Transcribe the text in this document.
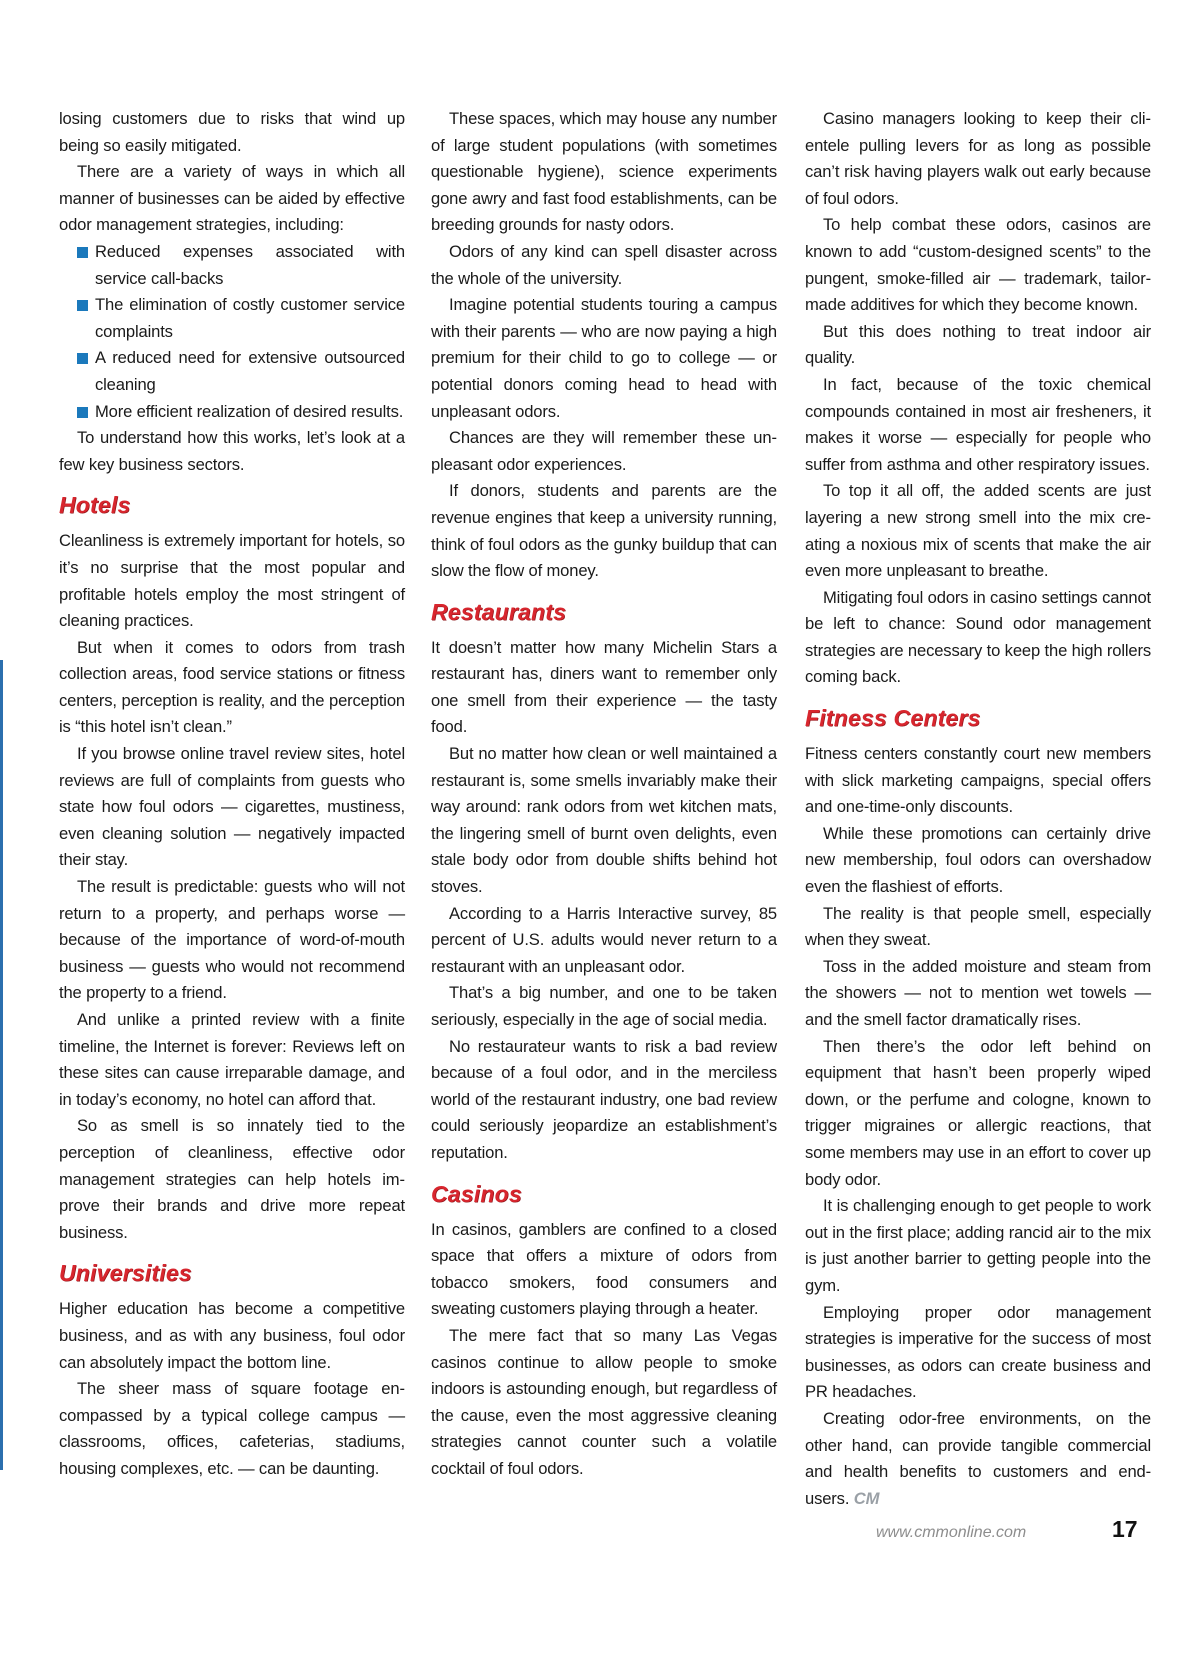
losing customers due to risks that wind up being so easily mitigated.

There are a variety of ways in which all manner of businesses can be aided by effective odor management strategies, including:

Reduced expenses associated with service call-backs
The elimination of costly customer service complaints
A reduced need for extensive outsourced cleaning
More efficient realization of desired results.

To understand how this works, let’s look at a few key business sectors.

Hotels

Cleanliness is extremely important for hotels, so it’s no surprise that the most popular and profitable hotels employ the most stringent of cleaning practices.

But when it comes to odors from trash collection areas, food service stations or fitness centers, perception is reality, and the perception is “this hotel isn’t clean.”

If you browse online travel review sites, hotel reviews are full of complaints from guests who state how foul odors — cigarettes, mustiness, even cleaning solution — negatively impacted their stay.

The result is predictable: guests who will not return to a property, and perhaps worse — because of the importance of word-of-mouth business — guests who would not recommend the property to a friend.

And unlike a printed review with a finite timeline, the Internet is forever: Reviews left on these sites can cause irreparable damage, and in today’s economy, no hotel can afford that.

So as smell is so innately tied to the perception of cleanliness, effective odor management strategies can help hotels improve their brands and drive more repeat business.

Universities

Higher education has become a competitive business, and as with any business, foul odor can absolutely impact the bottom line.

The sheer mass of square footage encompassed by a typical college campus — classrooms, offices, cafeterias, stadiums, housing complexes, etc. — can be daunting.

These spaces, which may house any number of large student populations (with sometimes questionable hygiene), science experiments gone awry and fast food establishments, can be breeding grounds for nasty odors.

Odors of any kind can spell disaster across the whole of the university.

Imagine potential students touring a campus with their parents — who are now paying a high premium for their child to go to college — or potential donors coming head to head with unpleasant odors.

Chances are they will remember these unpleasant odor experiences.

If donors, students and parents are the revenue engines that keep a university running, think of foul odors as the gunky buildup that can slow the flow of money.

Restaurants

It doesn’t matter how many Michelin Stars a restaurant has, diners want to remember only one smell from their experience — the tasty food.

But no matter how clean or well maintained a restaurant is, some smells invariably make their way around: rank odors from wet kitchen mats, the lingering smell of burnt oven delights, even stale body odor from double shifts behind hot stoves.

According to a Harris Interactive survey, 85 percent of U.S. adults would never return to a restaurant with an unpleasant odor.

That’s a big number, and one to be taken seriously, especially in the age of social media.

No restaurateur wants to risk a bad review because of a foul odor, and in the merciless world of the restaurant industry, one bad review could seriously jeopardize an establishment’s reputation.

Casinos

In casinos, gamblers are confined to a closed space that offers a mixture of odors from tobacco smokers, food consumers and sweating customers playing through a heater.

The mere fact that so many Las Vegas casinos continue to allow people to smoke indoors is astounding enough, but regardless of the cause, even the most aggressive cleaning strategies cannot counter such a volatile cocktail of foul odors.

Casino managers looking to keep their clientele pulling levers for as long as possible can’t risk having players walk out early because of foul odors.

To help combat these odors, casinos are known to add “custom-designed scents” to the pungent, smoke-filled air — trademark, tailor-made additives for which they become known.

But this does nothing to treat indoor air quality.

In fact, because of the toxic chemical compounds contained in most air fresheners, it makes it worse — especially for people who suffer from asthma and other respiratory issues.

To top it all off, the added scents are just layering a new strong smell into the mix creating a noxious mix of scents that make the air even more unpleasant to breathe.

Mitigating foul odors in casino settings cannot be left to chance: Sound odor management strategies are necessary to keep the high rollers coming back.

Fitness Centers

Fitness centers constantly court new members with slick marketing campaigns, special offers and one-time-only discounts.

While these promotions can certainly drive new membership, foul odors can overshadow even the flashiest of efforts.

The reality is that people smell, especially when they sweat.

Toss in the added moisture and steam from the showers — not to mention wet towels — and the smell factor dramatically rises.

Then there’s the odor left behind on equipment that hasn’t been properly wiped down, or the perfume and cologne, known to trigger migraines or allergic reactions, that some members may use in an effort to cover up body odor.

It is challenging enough to get people to work out in the first place; adding rancid air to the mix is just another barrier to getting people into the gym.

Employing proper odor management strategies is imperative for the success of most businesses, as odors can create business and PR headaches.

Creating odor-free environments, on the other hand, can provide tangible commercial and health benefits to customers and end-users. CM

www.cmmonline.com	17
